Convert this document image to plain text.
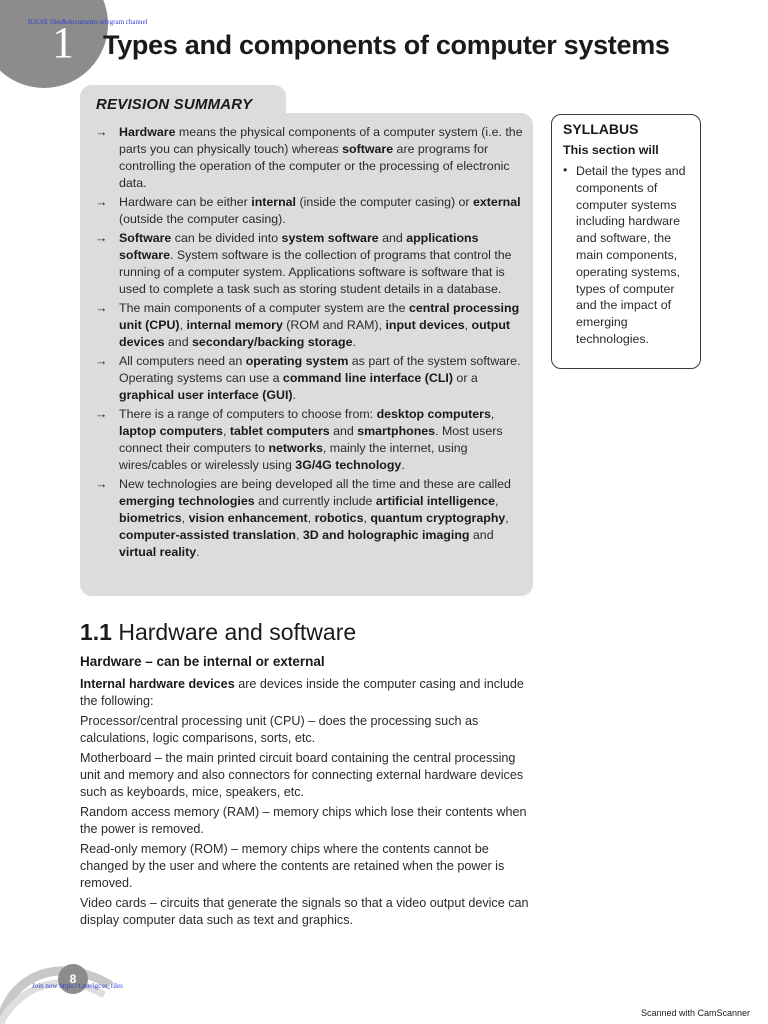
1
IGCSE files&documents telegram channel
Types and components of computer systems
REVISION SUMMARY
→ Hardware means the physical components of a computer system (i.e. the parts you can physically touch) whereas software are programs for controlling the operation of the computer or the processing of electronic data.
→ Hardware can be either internal (inside the computer casing) or external (outside the computer casing).
→ Software can be divided into system software and applications software. System software is the collection of programs that control the running of a computer system. Applications software is software that is used to complete a task such as storing student details in a database.
→ The main components of a computer system are the central processing unit (CPU), internal memory (ROM and RAM), input devices, output devices and secondary/backing storage.
→ All computers need an operating system as part of the system software. Operating systems can use a command line interface (CLI) or a graphical user interface (GUI).
→ There is a range of computers to choose from: desktop computers, laptop computers, tablet computers and smartphones. Most users connect their computers to networks, mainly the internet, using wires/cables or wirelessly using 3G/4G technology.
→ New technologies are being developed all the time and these are called emerging technologies and currently include artificial intelligence, biometrics, vision enhancement, robotics, quantum cryptography, computer-assisted translation, 3D and holographic imaging and virtual reality.
SYLLABUS
This section will
• Detail the types and components of computer systems including hardware and software, the main components, operating systems, types of computer and the impact of emerging technologies.
1.1 Hardware and software
Hardware – can be internal or external

Internal hardware devices are devices inside the computer casing and include the following:

Processor/central processing unit (CPU) – does the processing such as calculations, logic comparisons, sorts, etc.

Motherboard – the main printed circuit board containing the central processing unit and memory and also connectors for connecting external hardware devices such as keyboards, mice, speakers, etc.

Random access memory (RAM) – memory chips which lose their contents when the power is removed.

Read-only memory (ROM) – memory chips where the contents cannot be changed by the user and where the contents are retained when the power is removed.

Video cards – circuits that generate the signals so that a video output device can display computer data such as text and graphics.

8
Join now https://t.me/igcse_files
Scanned with CamScanner
